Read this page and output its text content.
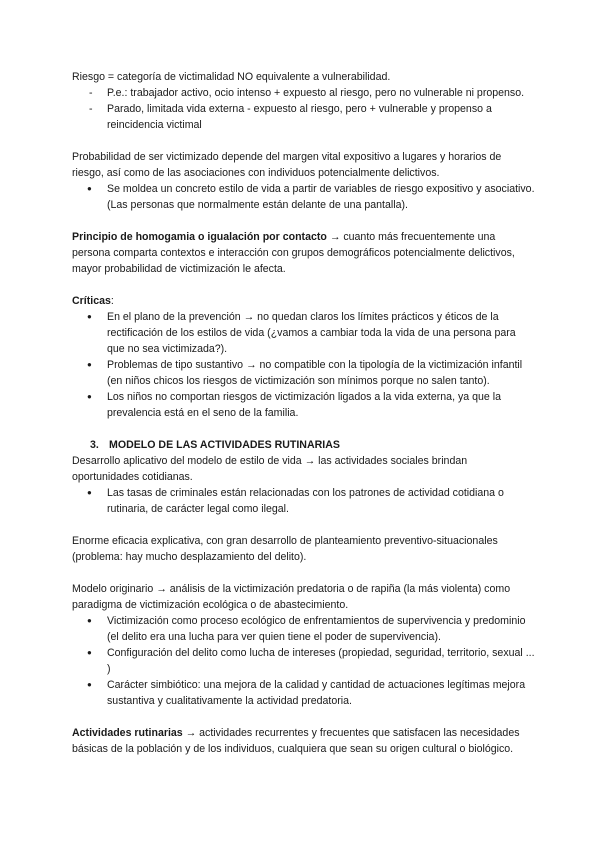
Riesgo = categoría de victimalidad NO equivalente a vulnerabilidad.

- P.e.: trabajador activo, ocio intenso + expuesto al riesgo, pero no vulnerable ni propenso.
- Parado, limitada vida externa - expuesto al riesgo, pero + vulnerable y propenso a reincidencia victimal

Probabilidad de ser victimizado depende del margen vital expositivo a lugares y horarios de riesgo, así como de las asociaciones con individuos potencialmente delictivos.

● Se moldea un concreto estilo de vida a partir de variables de riesgo expositivo y asociativo. (Las personas que normalmente están delante de una pantalla).

Principio de homogamia o igualación por contacto → cuanto más frecuentemente una persona comparta contextos e interacción con grupos demográficos potencialmente delictivos, mayor probabilidad de victimización le afecta.

Críticas:

● En el plano de la prevención → no quedan claros los límites prácticos y éticos de la rectificación de los estilos de vida (¿vamos a cambiar toda la vida de una persona para que no sea victimizada?).
● Problemas de tipo sustantivo → no compatible con la tipología de la victimización infantil (en niños chicos los riesgos de victimización son mínimos porque no salen tanto).
● Los niños no comportan riesgos de victimización ligados a la vida externa, ya que la prevalencia está en el seno de la familia.

3. MODELO DE LAS ACTIVIDADES RUTINARIAS

Desarrollo aplicativo del modelo de estilo de vida → las actividades sociales brindan oportunidades cotidianas.

● Las tasas de criminales están relacionadas con los patrones de actividad cotidiana o rutinaria, de carácter legal como ilegal.

Enorme eficacia explicativa, con gran desarrollo de planteamiento preventivo-situacionales (problema: hay mucho desplazamiento del delito).

Modelo originario → análisis de la victimización predatoria o de rapiña (la más violenta) como paradigma de victimización ecológica o de abastecimiento.

● Victimización como proceso ecológico de enfrentamientos de supervivencia y predominio (el delito era una lucha para ver quien tiene el poder de supervivencia).
● Configuración del delito como lucha de intereses (propiedad, seguridad, territorio, sexual ... )
● Carácter simbiótico: una mejora de la calidad y cantidad de actuaciones legítimas mejora sustantiva y cualitativamente la actividad predatoria.

Actividades rutinarias → actividades recurrentes y frecuentes que satisfacen las necesidades básicas de la población y de los individuos, cualquiera que sean su origen cultural o biológico.
